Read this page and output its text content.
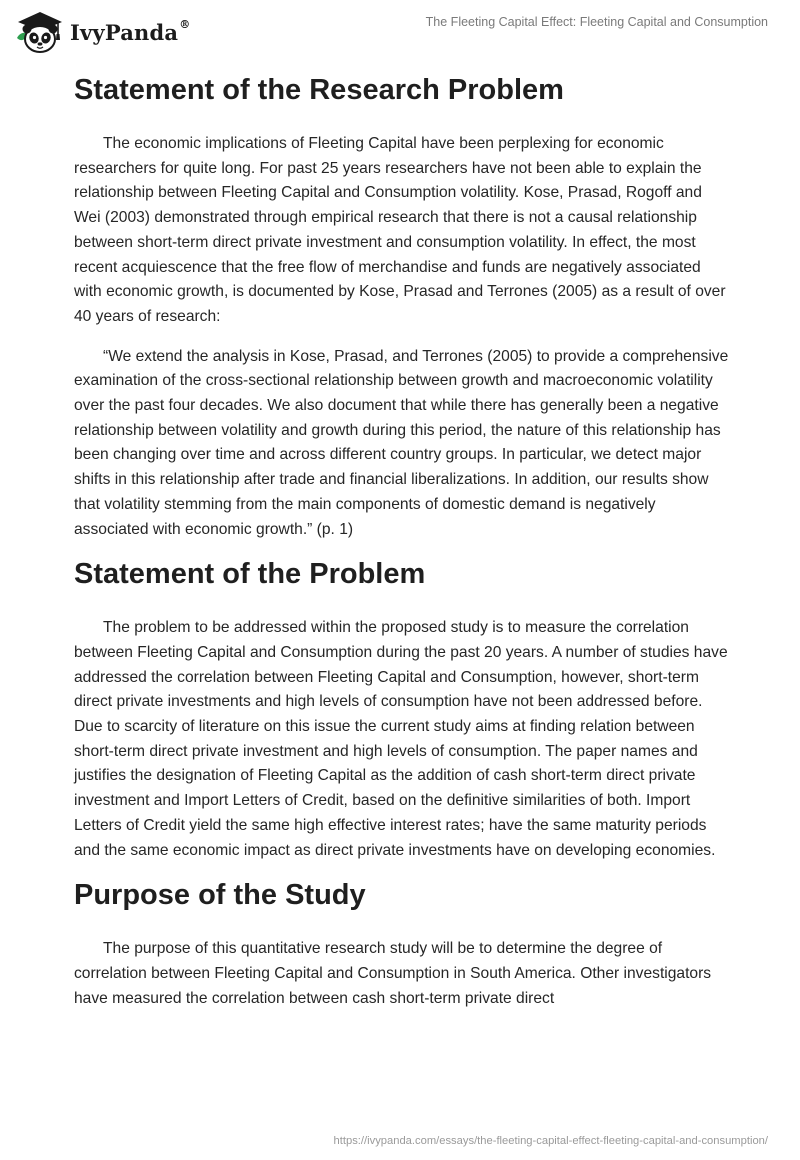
IvyPanda®	The Fleeting Capital Effect: Fleeting Capital and Consumption
Statement of the Research Problem

The economic implications of Fleeting Capital have been perplexing for economic researchers for quite long. For past 25 years researchers have not been able to explain the relationship between Fleeting Capital and Consumption volatility. Kose, Prasad, Rogoff and Wei (2003) demonstrated through empirical research that there is not a causal relationship between short-term direct private investment and consumption volatility. In effect, the most recent acquiescence that the free flow of merchandise and funds are negatively associated with economic growth, is documented by Kose, Prasad and Terrones (2005) as a result of over 40 years of research:

“We extend the analysis in Kose, Prasad, and Terrones (2005) to provide a comprehensive examination of the cross-sectional relationship between growth and macroeconomic volatility over the past four decades. We also document that while there has generally been a negative relationship between volatility and growth during this period, the nature of this relationship has been changing over time and across different country groups. In particular, we detect major shifts in this relationship after trade and financial liberalizations. In addition, our results show that volatility stemming from the main components of domestic demand is negatively associated with economic growth.” (p. 1)

Statement of the Problem

The problem to be addressed within the proposed study is to measure the correlation between Fleeting Capital and Consumption during the past 20 years. A number of studies have addressed the correlation between Fleeting Capital and Consumption, however, short-term direct private investments and high levels of consumption have not been addressed before. Due to scarcity of literature on this issue the current study aims at finding relation between short-term direct private investment and high levels of consumption. The paper names and justifies the designation of Fleeting Capital as the addition of cash short-term direct private investment and Import Letters of Credit, based on the definitive similarities of both. Import Letters of Credit yield the same high effective interest rates; have the same maturity periods and the same economic impact as direct private investments have on developing economies.

Purpose of the Study

The purpose of this quantitative research study will be to determine the degree of correlation between Fleeting Capital and Consumption in South America. Other investigators have measured the correlation between cash short-term private direct

https://ivypanda.com/essays/the-fleeting-capital-effect-fleeting-capital-and-consumption/
